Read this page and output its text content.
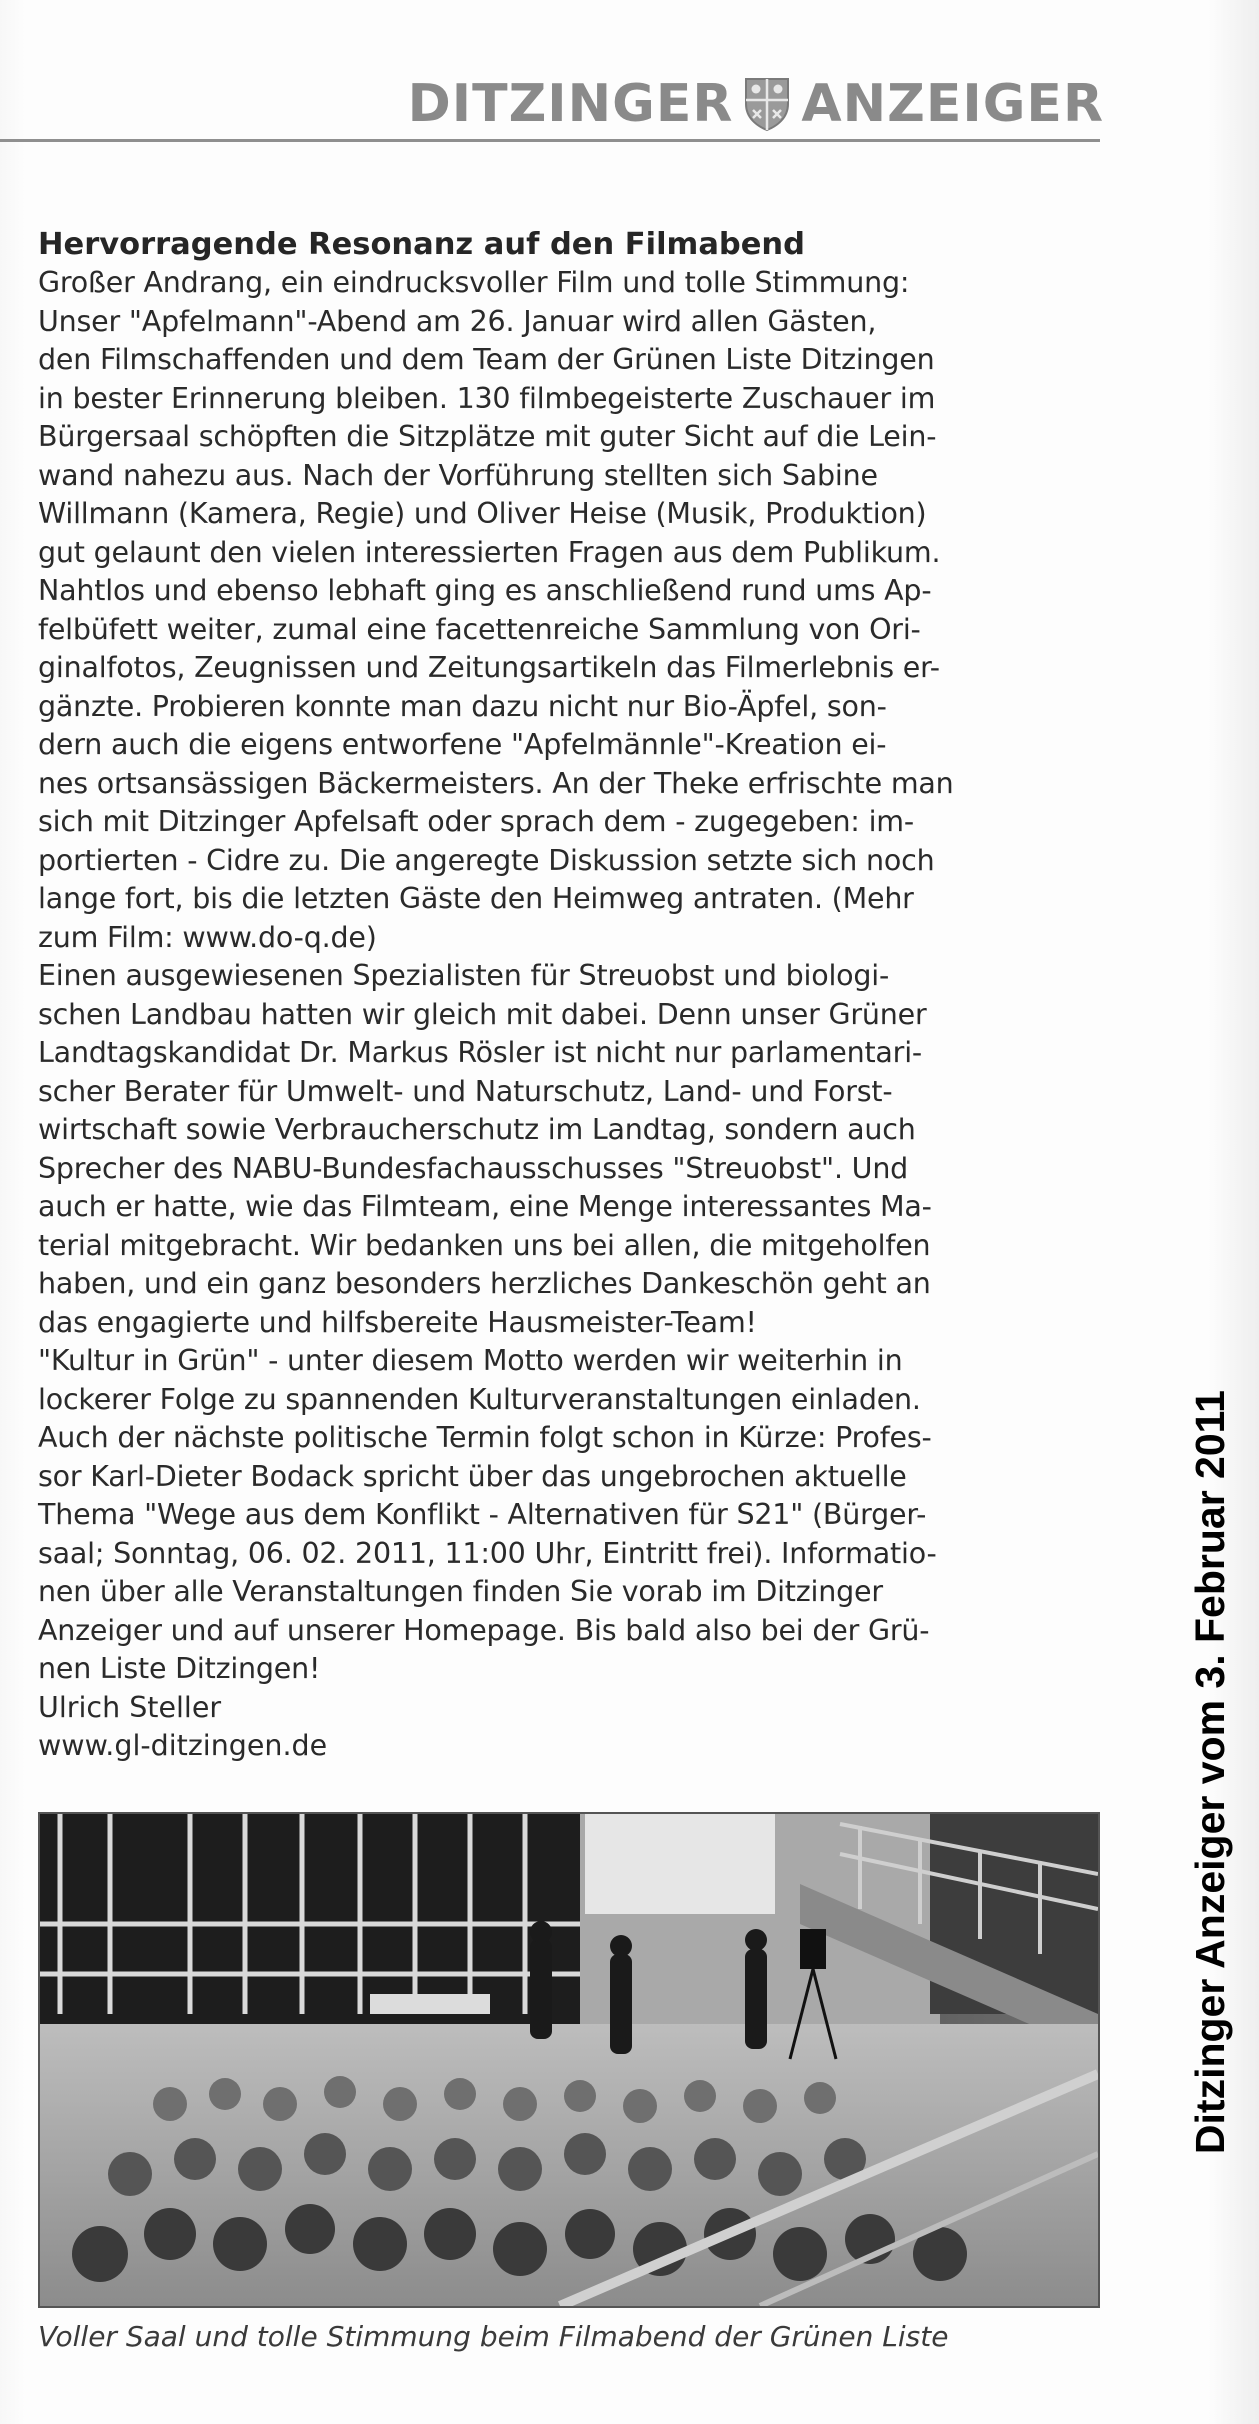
DITZINGER ANZEIGER
Hervorragende Resonanz auf den Filmabend

Großer Andrang, ein eindrucksvoller Film und tolle Stimmung:
Unser "Apfelmann"-Abend am 26. Januar wird allen Gästen,
den Filmschaffenden und dem Team der Grünen Liste Ditzingen
in bester Erinnerung bleiben. 130 filmbegeisterte Zuschauer im
Bürgersaal schöpften die Sitzplätze mit guter Sicht auf die Lein-
wand nahezu aus. Nach der Vorführung stellten sich Sabine
Willmann (Kamera, Regie) und Oliver Heise (Musik, Produktion)
gut gelaunt den vielen interessierten Fragen aus dem Publikum.
Nahtlos und ebenso lebhaft ging es anschließend rund ums Ap-
felbüfett weiter, zumal eine facettenreiche Sammlung von Ori-
ginalfotos, Zeugnissen und Zeitungsartikeln das Filmerlebnis er-
gänzte. Probieren konnte man dazu nicht nur Bio-Äpfel, son-
dern auch die eigens entworfene "Apfelmännle"-Kreation ei-
nes ortsansässigen Bäckermeisters. An der Theke erfrischte man
sich mit Ditzinger Apfelsaft oder sprach dem - zugegeben: im-
portierten - Cidre zu. Die angeregte Diskussion setzte sich noch
lange fort, bis die letzten Gäste den Heimweg antraten. (Mehr
zum Film: www.do-q.de)

Einen ausgewiesenen Spezialisten für Streuobst und biologi-
schen Landbau hatten wir gleich mit dabei. Denn unser Grüner
Landtagskandidat Dr. Markus Rösler ist nicht nur parlamentari-
scher Berater für Umwelt- und Naturschutz, Land- und Forst-
wirtschaft sowie Verbraucherschutz im Landtag, sondern auch
Sprecher des NABU-Bundesfachausschusses "Streuobst". Und
auch er hatte, wie das Filmteam, eine Menge interessantes Ma-
terial mitgebracht. Wir bedanken uns bei allen, die mitgeholfen
haben, und ein ganz besonders herzliches Dankeschön geht an
das engagierte und hilfsbereite Hausmeister-Team!

"Kultur in Grün" - unter diesem Motto werden wir weiterhin in
lockerer Folge zu spannenden Kulturveranstaltungen einladen.
Auch der nächste politische Termin folgt schon in Kürze: Profes-
sor Karl-Dieter Bodack spricht über das ungebrochen aktuelle
Thema "Wege aus dem Konflikt - Alternativen für S21" (Bürger-
saal; Sonntag, 06. 02. 2011, 11:00 Uhr, Eintritt frei). Informatio-
nen über alle Veranstaltungen finden Sie vorab im Ditzinger
Anzeiger und auf unserer Homepage. Bis bald also bei der Grü-
nen Liste Ditzingen!

Ulrich Steller

www.gl-ditzingen.de

Voller Saal und tolle Stimmung beim Filmabend der Grünen Liste

Ditzinger Anzeiger vom 3. Februar 2011
